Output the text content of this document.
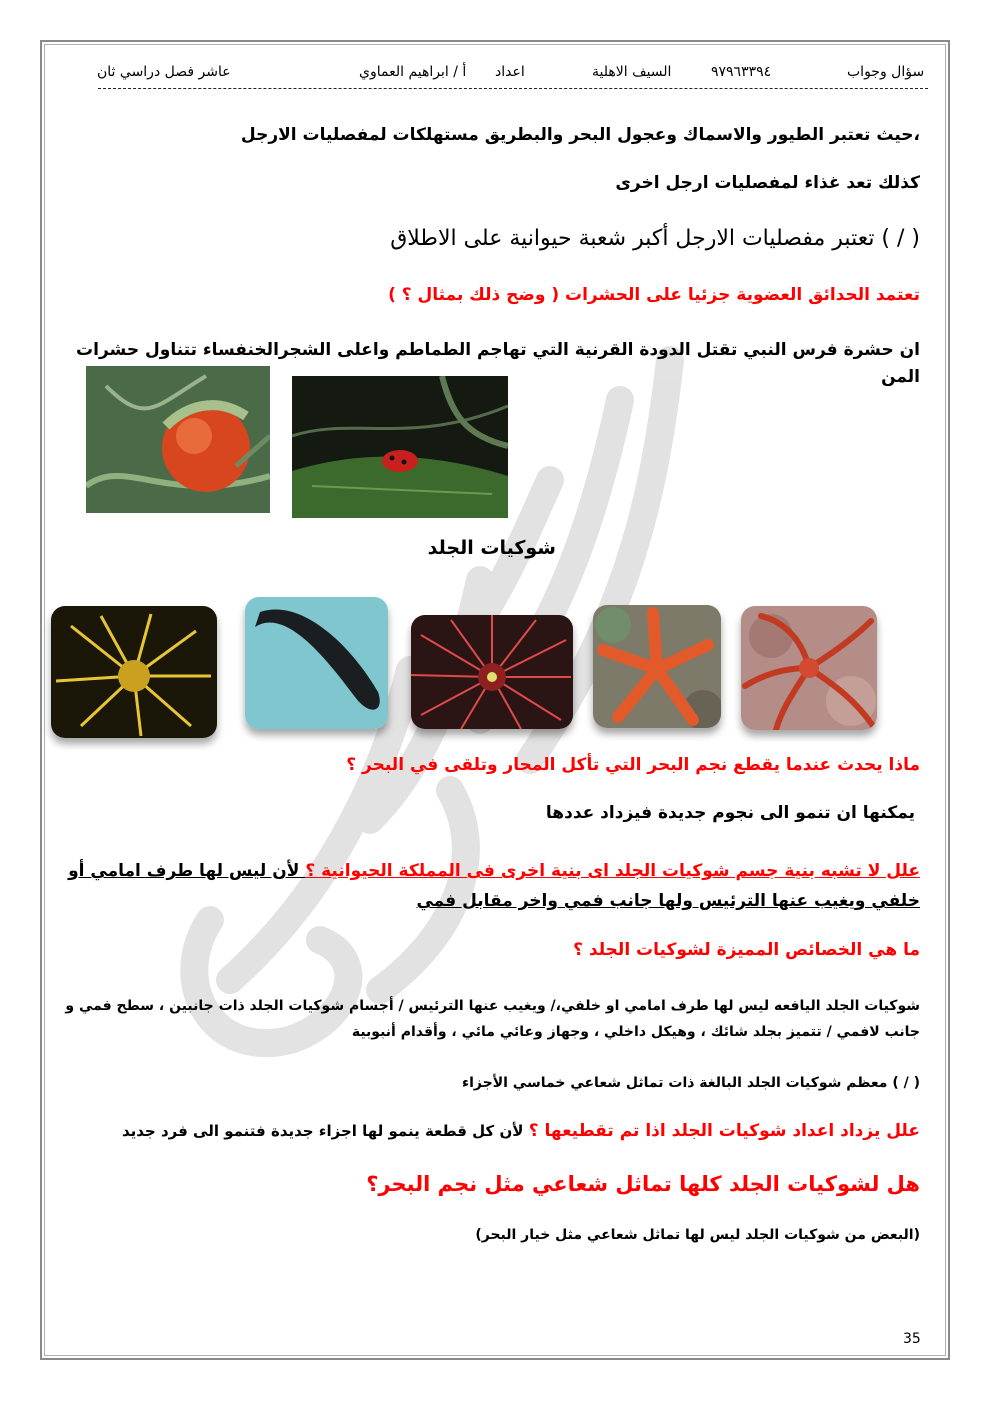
سؤال وجواب
٩٧٩٦٣٣٩٤
السيف الاهلية
اعداد
أ / ابراهيم العماوي
عاشر فصل دراسي ثان
،حيث تعتبر الطيور والاسماك وعجول البحر والبطريق مستهلكات لمفصليات الارجل
كذلك تعد غذاء لمفصليات ارجل اخرى
( / ) تعتبر مفصليات الارجل أكبر شعبة حيوانية على الاطلاق
تعتمد الحدائق العضوية جزئيا على الحشرات ( وضح ذلك بمثال ؟ )
ان حشرة فرس النبي تقتل الدودة القرنية التي تهاجم الطماطم واعلى الشجرالخنفساء تتناول حشرات المن
شوكيات الجلد
ماذا يحدث عندما يقطع نجم البحر التي تأكل المحار وتلقى في البحر ؟
يمكنها ان تنمو الى نجوم جديدة فيزداد عددها
علل لا تشبه بنية جسم شوكيات الجلد اى بنية اخرى فى المملكة الحيوانية ؟ لأن ليس لها طرف امامي أو خلفي ويغيب عنها الترئيس ولها جانب فمي واخر مقابل فمي
ما هي الخصائص المميزة لشوكيات الجلد ؟
شوكيات الجلد اليافعه ليس لها طرف امامي او خلفي،/ ويغيب عنها الترئيس / أجسام شوكيات الجلد ذات جانبين ، سطح فمي و جانب لافمي / تتميز بجلد شائك ، وهيكل داخلي ، وجهاز وعائي مائي ، وأقدام أنبوبية
( / ) معظم شوكيات الجلد البالغة ذات تماثل شعاعي خماسي الأجزاء
علل يزداد اعداد شوكيات الجلد اذا تم تقطيعها ؟ لأن كل قطعة ينمو لها اجزاء جديدة فتنمو الى فرد جديد
هل لشوكيات الجلد كلها تماثل شعاعي مثل نجم البحر؟
(البعض من شوكيات الجلد ليس لها تماثل شعاعي مثل خيار البحر)
35
